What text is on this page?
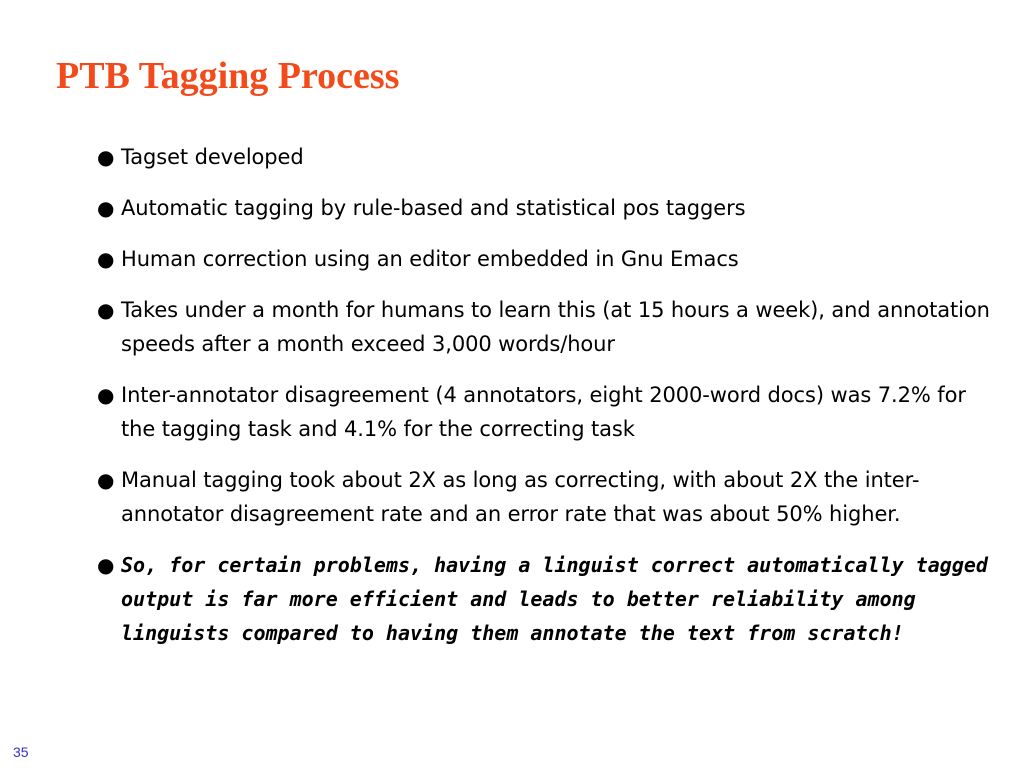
PTB Tagging Process
●
Tagset developed
●
Automatic tagging by rule-based and statistical pos taggers
●
Human correction using an editor embedded in Gnu Emacs
●
Takes under a month for humans to learn this (at 15 hours a week), and annotation speeds after a month exceed 3,000 words/hour
●
Inter-annotator disagreement (4 annotators, eight 2000-word docs) was 7.2% for the tagging task and 4.1% for the correcting task
●
Manual tagging took about 2X as long as correcting, with about 2X the inter-annotator disagreement rate and an error rate that was about 50% higher.
●
So, for certain problems, having a linguist correct automatically tagged output is far more efficient and leads to better reliability among linguists compared to having them annotate the text from scratch!
35
